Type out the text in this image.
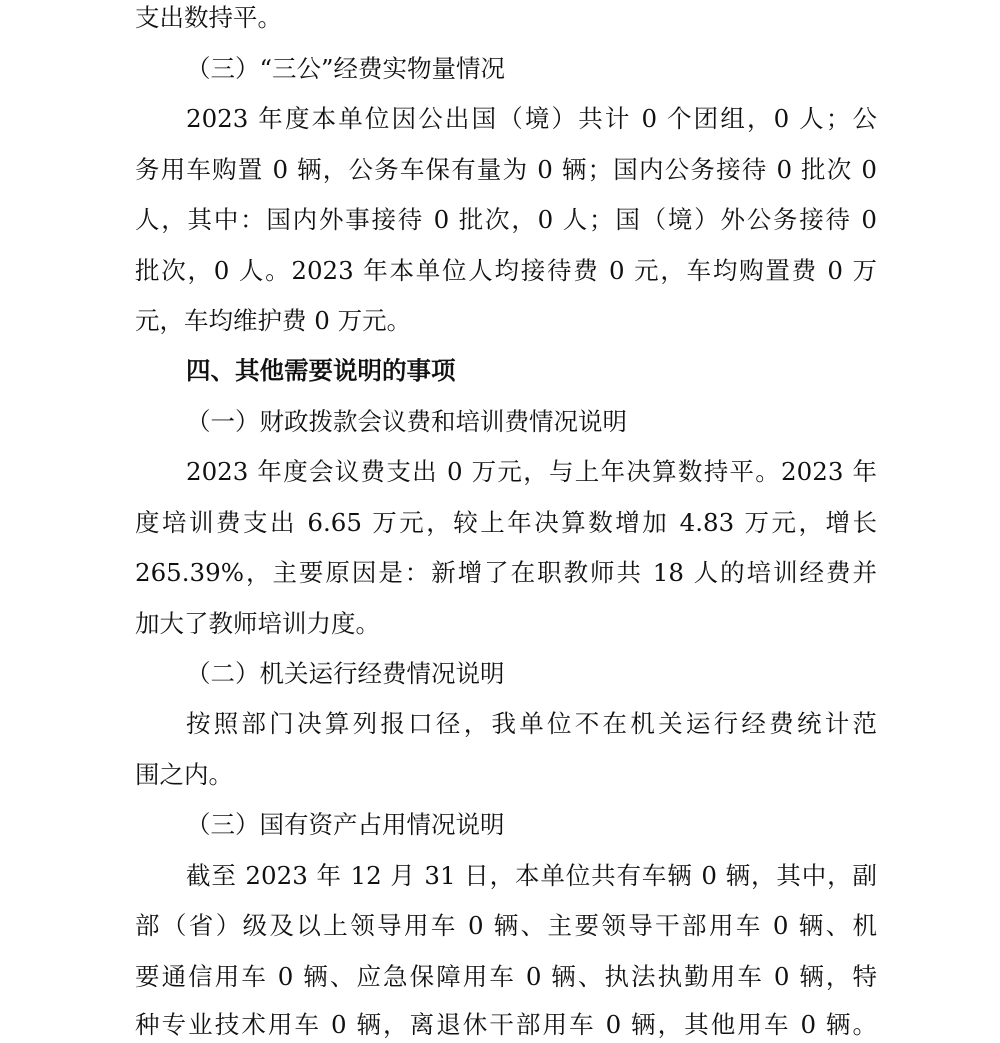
支出数持平。
（三）“三公”经费实物量情况
2023 年度本单位因公出国（境）共计 0 个团组，0 人；公
务用车购置 0 辆，公务车保有量为 0 辆；国内公务接待 0 批次 0
人，其中：国内外事接待 0 批次，0 人；国（境）外公务接待 0
批次，0 人。2023 年本单位人均接待费 0 元，车均购置费 0 万
元，车均维护费 0 万元。
四、其他需要说明的事项
（一）财政拨款会议费和培训费情况说明
2023 年度会议费支出 0 万元，与上年决算数持平。2023 年
度培训费支出 6.65 万元，较上年决算数增加 4.83 万元，增长
265.39%，主要原因是：新增了在职教师共 18 人的培训经费并
加大了教师培训力度。
（二）机关运行经费情况说明
按照部门决算列报口径，我单位不在机关运行经费统计范
围之内。
（三）国有资产占用情况说明
截至 2023 年 12 月 31 日，本单位共有车辆 0 辆，其中，副
部（省）级及以上领导用车 0 辆、主要领导干部用车 0 辆、机
要通信用车 0 辆、应急保障用车 0 辆、执法执勤用车 0 辆，特
种专业技术用车 0 辆，离退休干部用车 0 辆，其他用车 0 辆。
